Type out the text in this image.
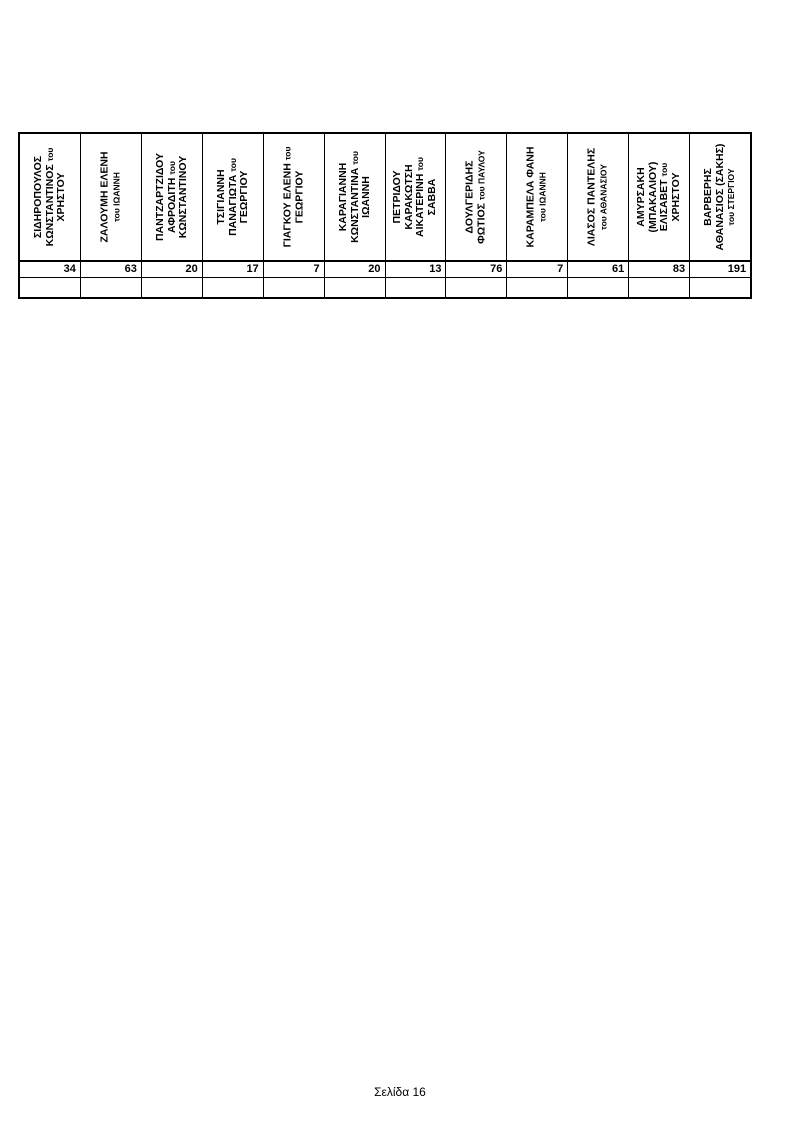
ΣΙΔΗΡΟΠΟΥΛΟΣ ΚΩΝΣΤΑΝΤΙΝΟΣ του
ΧΡΗΣΤΟΥ
34
ΖΑΛΟΥΜΗ ΕΛΕΝΗ του ΙΩΑΝΝΗ
63
ΠΑΝΤΖΑΡΤΖΙΔΟΥ ΑΦΡΟΔΙΤΗ του ΚΩΝΣΤΑΝΤΙΝΟΥ
20
ΤΣΙΓΙΑΝΝΗ ΠΑΝΑΓΙΩΤΑ του
ΓΕΩΡΓΙΟΥ
17
ΓΙΑΓΚΟΥ ΕΛΕΝΗ του
ΓΕΩΡΓΙΟΥ
7
ΚΑΡΑΓΙΑΝΝΗ ΚΩΝΣΤΑΝΤΙΝΑ του
ΙΩΑΝΝΗ
20
ΠΕΤΡΙΔΟΥ ΚΑΡΑΚΩΤΣΗ ΑΙΚΑΤΕΡΙΝΗ του
ΣΑΒΒΑ
13
ΔΟΥΛΓΕΡΙΔΗΣ ΦΩΤΙΟΣ του ΠΑΥΛΟΥ
76
ΚΑΡΑΜΠΕΛΑ ΦΑΝΗ του ΙΩΑΝΝΗ
7
ΛΙΑΣΟΣ ΠΑΝΤΕΛΗΣ του ΑΘΑΝΑΣΙΟΥ
61
ΑΜΥΡΣΑΚΗ (ΜΠΑΚΑΛΙΟΥ) ΕΛΙΣΑΒΕΤ του
ΧΡΗΣΤΟΥ
83
ΒΑΡΒΕΡΗΣ ΑΘΑΝΑΣΙΟΣ (ΣΑΚΗΣ) του ΣΤΕΡΓΙΟΥ
191
Σελίδα 16
